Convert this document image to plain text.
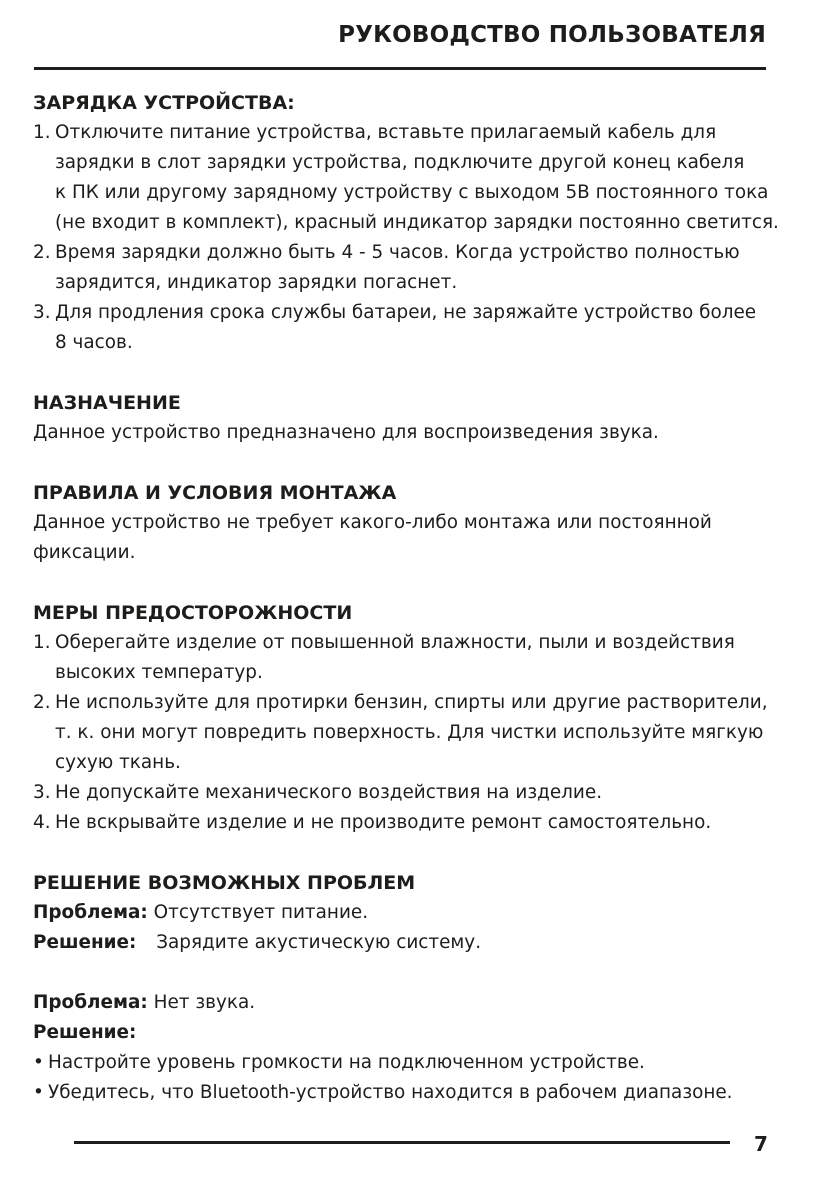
РУКОВОДСТВО ПОЛЬЗОВАТЕЛЯ
ЗАРЯДКА УСТРОЙСТВА:
1. Отключите питание устройства, вставьте прилагаемый кабель для
зарядки в слот зарядки устройства, подключите другой конец кабеля
к ПК или другому зарядному устройству с выходом 5В постоянного тока
(не входит в комплект), красный индикатор зарядки постоянно светится.
2. Время зарядки должно быть 4 - 5 часов. Когда устройство полностью
зарядится, индикатор зарядки погаснет.
3. Для продления срока службы батареи, не заряжайте устройство более
8 часов.
НАЗНАЧЕНИЕ
Данное устройство предназначено для воспроизведения звука.
ПРАВИЛА И УСЛОВИЯ МОНТАЖА
Данное устройство не требует какого-либо монтажа или постоянной
фиксации.
МЕРЫ ПРЕДОСТОРОЖНОСТИ
1. Оберегайте изделие от повышенной влажности, пыли и воздействия
высоких температур.
2. Не используйте для протирки бензин, спирты или другие растворители,
т. к. они могут повредить поверхность. Для чистки используйте мягкую
сухую ткань.
3. Не допускайте механического воздействия на изделие.
4. Не вскрывайте изделие и не производите ремонт самостоятельно.
РЕШЕНИЕ ВОЗМОЖНЫХ ПРОБЛЕМ
Проблема: Отсутствует питание.
Решение: Зарядите акустическую систему.
Проблема: Нет звука.
Решение:
• Настройте уровень громкости на подключенном устройстве.
• Убедитесь, что Bluetooth-устройство находится в рабочем диапазоне.
7
